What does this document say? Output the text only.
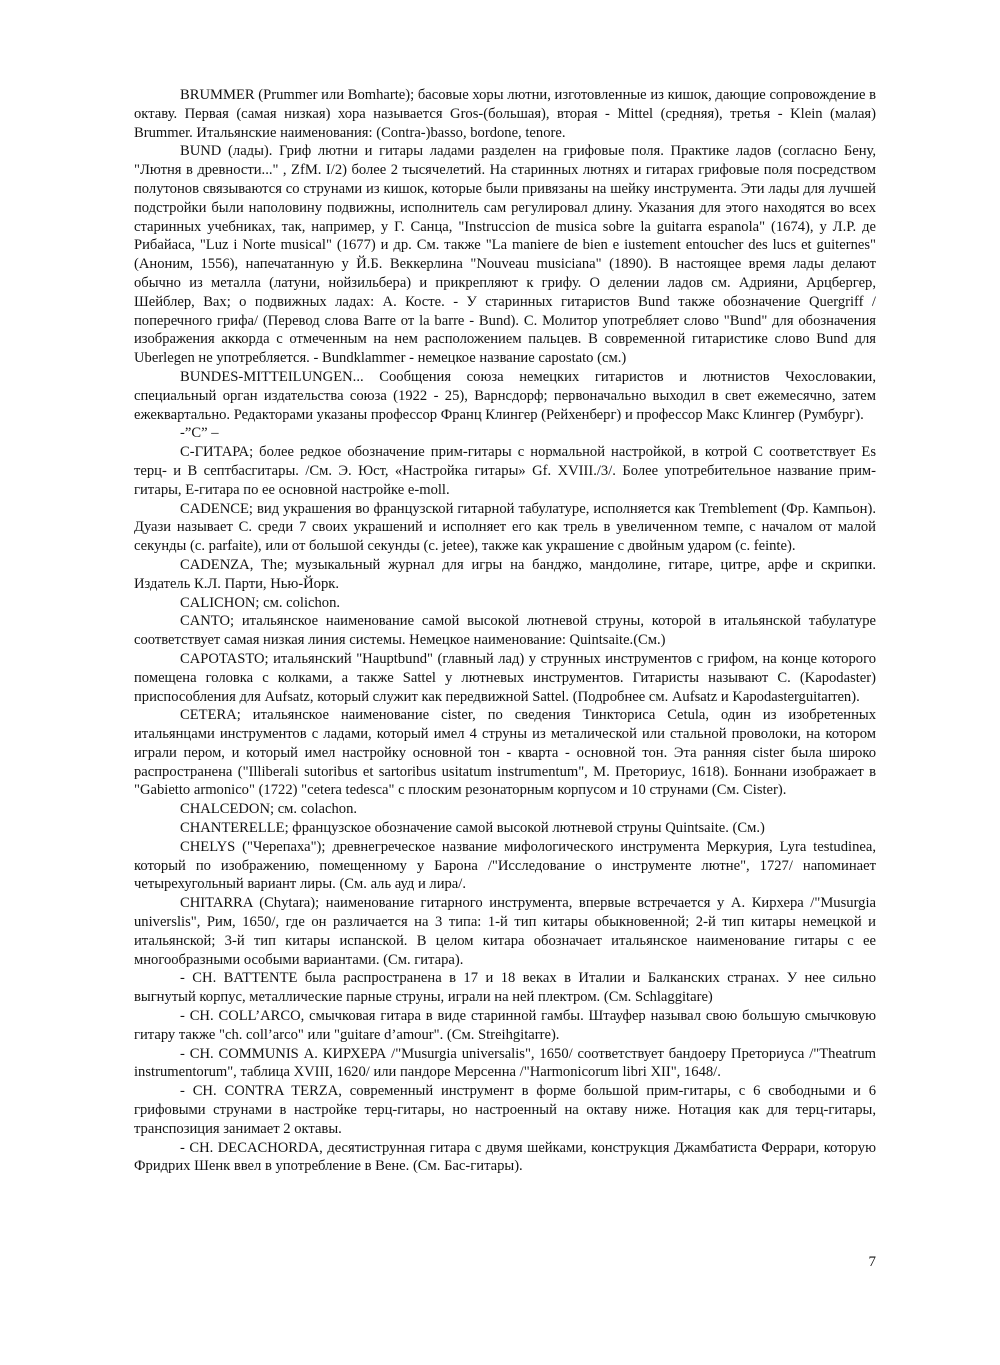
BRUMMER (Prummer или Bomharte); басовые хоры лютни, изготовленные из кишок, дающие сопровождение в октаву. Первая (самая низкая) хора называется Gros-(большая), вторая - Mittel (средняя), третья - Klein (малая) Brummer. Итальянские наименования: (Contra-)basso, bordone, tenore.

BUND (лады). Гриф лютни и гитары ладами разделен на грифовые поля. Практике ладов (согласно Бену, "Лютня в древности..." , ZfM. I/2) более 2 тысячелетий. На старинных лютнях и гитарах грифовые поля посредством полутонов связываются со струнами из кишок, которые были привязаны на шейку инструмента. Эти лады для лучшей подстройки были наполовину подвижны, исполнитель сам регулировал длину. Указания для этого находятся во всех старинных учебниках, так, например, у Г. Санца, "Instruccion de musica sobre la guitarra espanola" (1674), у Л.Р. де Рибайаса, "Luz i Norte musical" (1677) и др. См. также "La maniere de bien e iustement entoucher des lucs et guiternes" (Аноним, 1556), напечатанную у Й.Б. Веккерлина "Nouveau musiciana" (1890). В настоящее время лады делают обычно из металла (латуни, нойзильбера) и прикрепляют к грифу. О делении ладов см. Адрияни, Арцбергер, Шейблер, Вах; о подвижных ладах: А. Косте. - У старинных гитаристов Bund также обозначение Quergriff /поперечного грифа/ (Перевод слова Barre от la barre - Bund). С. Молитор употребляет слово "Bund" для обозначения изображения аккорда с отмеченным на нем расположением пальцев. В современной гитаристике слово Bund для Uberlegen не употребляется. - Bundklammer - немецкое название capostato (см.)

BUNDES-MITTEILUNGEN... Сообщения союза немецких гитаристов и лютнистов Чехословакии, специальный орган издательства союза (1922 - 25), Варнсдорф; первоначально выходил в свет ежемесячно, затем ежеквартально. Редакторами указаны профессор Франц Клингер (Рейхенберг) и профессор Макс Клингер (Румбург).

-”С” –

С-ГИТАРА; более редкое обозначение прим-гитары с нормальной настройкой, в котрой С соответствует Es терц- и В септбасгитары. /См. Э. Юст, «Настройка гитары» Gf. XVIII./3/. Более употребительное название прим-гитары, E-гитара по ее основной настройке e-moll.

CADENCE; вид украшения во французской гитарной табулатуре, исполняется как Tremblement (Фр. Кампьон). Дуази называет С. среди 7 своих украшений и исполняет его как трель в увеличенном темпе, с началом от малой секунды (c. parfaite), или от большой секунды (c. jetee), также как украшение с двойным ударом (c. feinte).

CADENZA, The; музыкальный журнал для игры на банджо, мандолине, гитаре, цитре, арфе и скрипки. Издатель К.Л. Парти, Нью-Йорк.

CALICHON; см. colichon.

CANTO; итальянское наименование самой высокой лютневой струны, которой в итальянской табулатуре соответствует самая низкая линия системы. Немецкое наименование: Quintsaite.(См.)

CAPOTASTO; итальянский "Hauptbund" (главный лад) у струнных инструментов с грифом, на конце которого помещена головка с колками, а также Sattel у лютневых инструментов. Гитаристы называют С. (Kapodaster) приспособления для Aufsatz, который служит как передвижной Sattel. (Подробнее см. Aufsatz и Kapodasterguitarren).

CETERA; итальянское наименование cister, по сведения Тинкториса Cetula, один из изобретенных итальянцами инструментов с ладами, который имел 4 струны из металической или стальной проволоки, на котором играли пером, и который имел настройку основной тон - кварта - основной тон. Эта ранняя cister была широко распространена ("Illiberali sutoribus et sartoribus usitatum instrumentum", М. Преториус, 1618). Боннани изображает в "Gabietto armonico" (1722) "cetera tedesca" с плоским резонаторным корпусом и 10 струнами (См. Cister).

CHALCEDON; см. colachon.

CHANTERELLE; французское обозначение самой высокой лютневой струны Quintsaite. (См.)

CHELYS ("Черепаха"); древнегреческое название мифологического инструмента Меркурия, Lyra testudinea, который по изображению, помещенному у Барона /"Исследование о инструменте лютне", 1727/ напоминает четырехугольный вариант лиры. (См. аль ауд и лира/.

CHITARRA (Chytara); наименование гитарного инструмента, впервые встречается у А. Кирхера /"Musurgia universlis", Рим, 1650/, где он различается на 3 типа: 1-й тип китары обыкновенной; 2-й тип китары немецкой и итальянской; 3-й тип китары испанской. В целом китара обозначает итальянское наименование гитары с ее многообразными особыми вариантами. (См. гитара).

- CH. BATTENTE была распространена в 17 и 18 веках в Италии и Балканских странах. У нее сильно выгнутый корпус, металлические парные струны, играли на ней плектром. (См. Schlaggitare)

- CH. COLL’ARCO, смычковая гитара в виде старинной гамбы. Штауфер называл свою большую смычковую гитару также "ch. coll’arco" или "guitare d’amour". (См. Streihgitarre).

- CH. COMMUNIS А. КИРХЕРА /"Musurgia universalis", 1650/ соответствует бандоеру Преториуса /"Theatrum instrumentorum", таблица XVIII, 1620/ или пандоре Мерсенна /"Harmonicorum libri XII", 1648/.

- CH. CONTRA TERZA, современный инструмент в форме большой прим-гитары, с 6 свободными и 6 грифовыми струнами в настройке терц-гитары, но настроенный на октаву ниже. Нотация как для терц-гитары, транспозиция занимает 2 октавы.

- CH. DECACHORDA, десятиструнная гитара с двумя шейками, конструкция Джамбатиста Феррари, которую Фридрих Шенк ввел в употребление в Вене. (См. Бас-гитары).

7
